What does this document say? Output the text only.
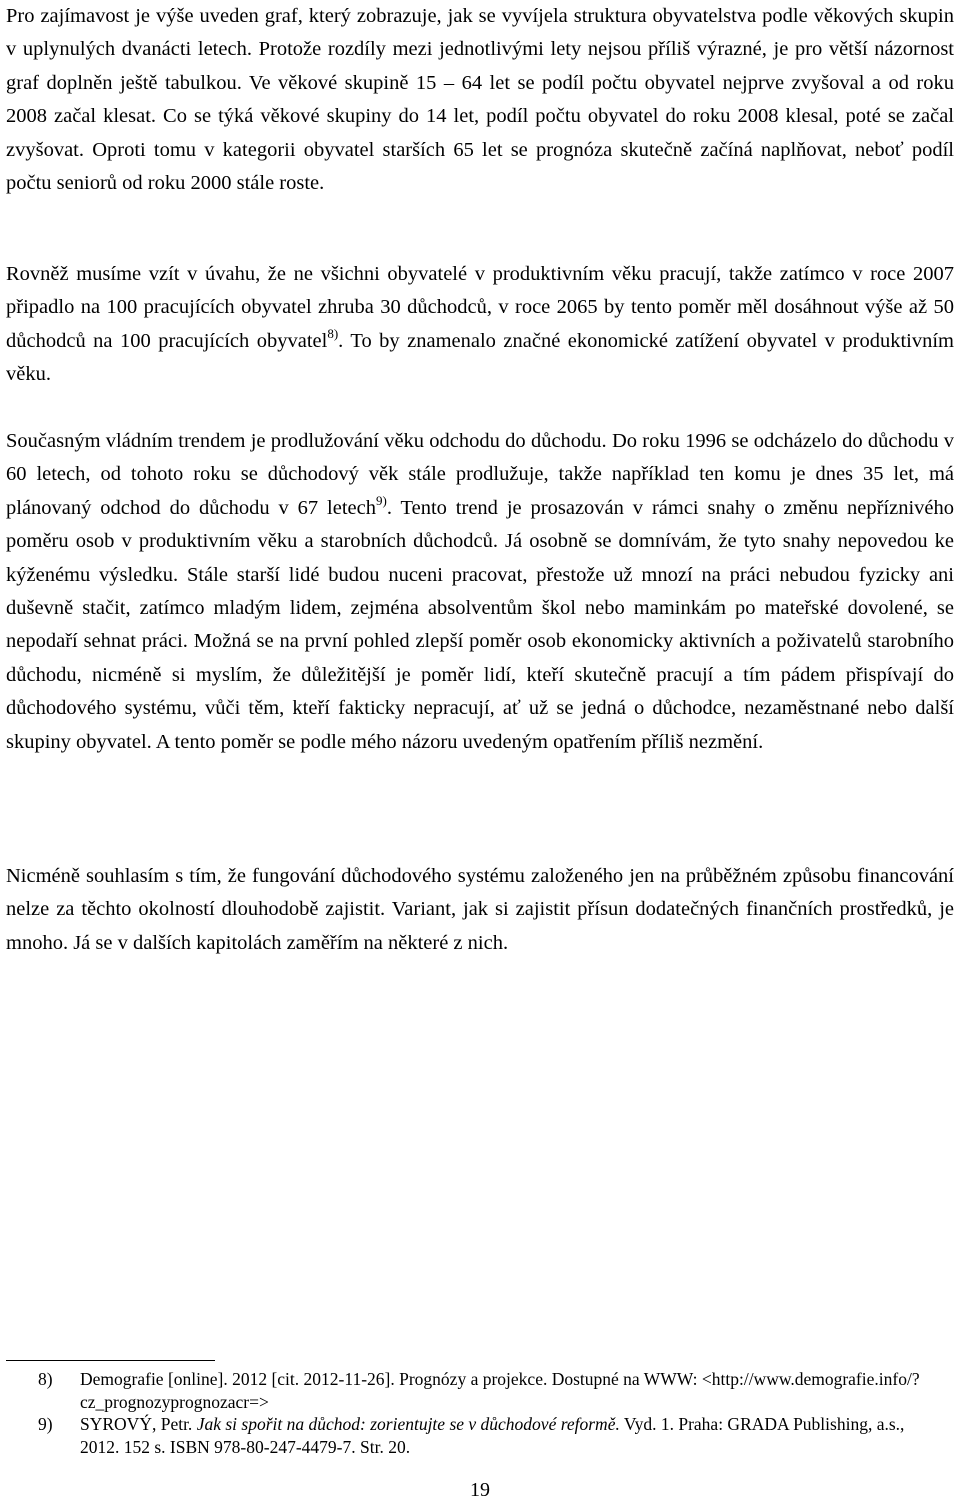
Pro zajímavost je výše uveden graf, který zobrazuje, jak se vyvíjela struktura obyvatelstva podle věkových skupin v uplynulých dvanácti letech. Protože rozdíly mezi jednotlivými lety nejsou příliš výrazné, je pro větší názornost graf doplněn ještě tabulkou. Ve věkové skupině 15 – 64 let se podíl počtu obyvatel nejprve zvyšoval a od roku 2008 začal klesat. Co se týká věkové skupiny do 14 let, podíl počtu obyvatel do roku 2008 klesal, poté se začal zvyšovat. Oproti tomu v kategorii obyvatel starších 65 let se prognóza skutečně začíná naplňovat, neboť podíl počtu seniorů od roku 2000 stále roste.

Rovněž musíme vzít v úvahu, že ne všichni obyvatelé v produktivním věku pracují, takže zatímco v roce 2007 připadlo na 100 pracujících obyvatel zhruba 30 důchodců, v roce 2065 by tento poměr měl dosáhnout výše až 50 důchodců na 100 pracujících obyvatel$^{8)}$. To by znamenalo značné ekonomické zatížení obyvatel v produktivním věku.

Současným vládním trendem je prodlužování věku odchodu do důchodu. Do roku 1996 se odcházelo do důchodu v 60 letech, od tohoto roku se důchodový věk stále prodlužuje, takže například ten komu je dnes 35 let, má plánovaný odchod do důchodu v 67 letech$^{9)}$. Tento trend je prosazován v rámci snahy o změnu nepříznivého poměru osob v produktivním věku a starobních důchodců. Já osobně se domnívám, že tyto snahy nepovedou ke kýženému výsledku. Stále starší lidé budou nuceni pracovat, přestože už mnozí na práci nebudou fyzicky ani duševně stačit, zatímco mladým lidem, zejména absolventům škol nebo maminkám po mateřské dovolené, se nepodaří sehnat práci. Možná se na první pohled zlepší poměr osob ekonomicky aktivních a poživatelů starobního důchodu, nicméně si myslím, že důležitější je poměr lidí, kteří skutečně pracují a tím pádem přispívají do důchodového systému, vůči těm, kteří fakticky nepracují, ať už se jedná o důchodce, nezaměstnané nebo další skupiny obyvatel. A tento poměr se podle mého názoru uvedeným opatřením příliš nezmění.

Nicméně souhlasím s tím, že fungování důchodového systému založeného jen na průběžném způsobu financování nelze za těchto okolností dlouhodobě zajistit. Variant, jak si zajistit přísun dodatečných finančních prostředků, je mnoho. Já se v dalších kapitolách zaměřím na některé z nich.

8)	Demografie [online]. 2012 [cit. 2012-11-26]. Prognózy a projekce. Dostupné na WWW: <http://www.demografie.info/?cz_prognozyprognozacr=>
9)	SYROVÝ, Petr. Jak si spořit na důchod: zorientujte se v důchodové reformě. Vyd. 1. Praha: GRADA Publishing, a.s., 2012. 152 s. ISBN 978-80-247-4479-7. Str. 20.
19
